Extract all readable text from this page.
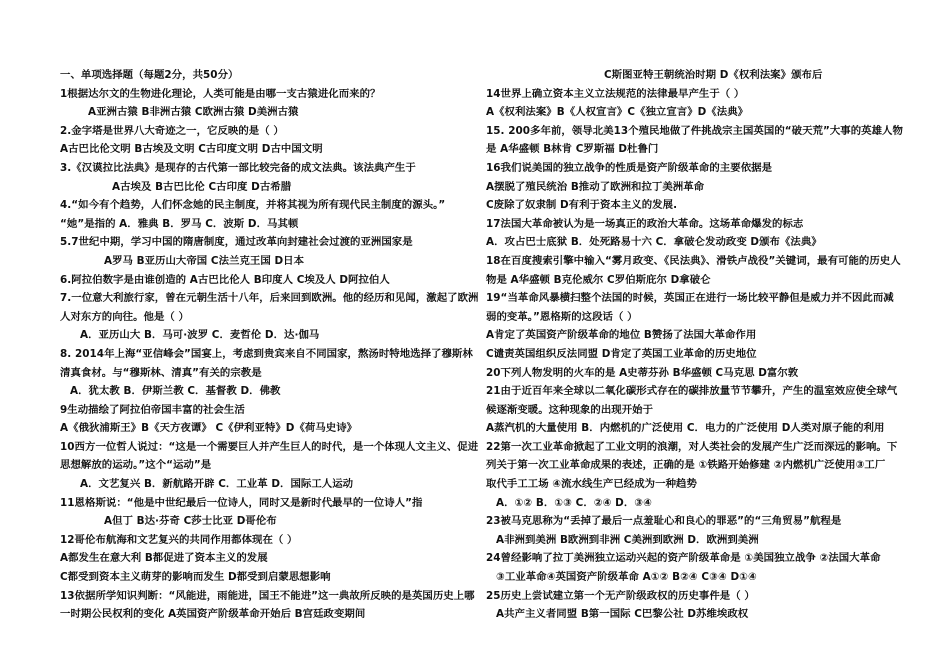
一、单项选择题（每题2分，共50分）
1根据达尔文的生物进化理论，人类可能是由哪一支古猿进化而来的？
A亚洲古猿 B非洲古猿 C欧洲古猿 D美洲古猿
2.金字塔是世界八大奇迹之一，它反映的是（ ）
A古巴比伦文明 B古埃及文明 C古印度文明 D古中国文明
3.《汉谟拉比法典》是现存的古代第一部比较完备的成文法典。该法典产生于
A古埃及 B古巴比伦 C古印度 D古希腊
4.“如今有个趋势，人们怀念她的民主制度，并将其视为所有现代民主制度的源头。”
“她”是指的 A．雅典 B．罗马 C．波斯 D．马其顿
5.7世纪中期，学习中国的隋唐制度，通过改革向封建社会过渡的亚洲国家是
A罗马 B亚历山大帝国 C法兰克王国 D日本
6.阿拉伯数字是由谁创造的 A古巴比伦人 B印度人 C埃及人 D阿拉伯人
7.一位意大利旅行家，曾在元朝生活十八年，后来回到欧洲。他的经历和见闻，激起了欧洲
人对东方的向往。他是（ ）
A．亚历山大 B．马可·波罗 C．麦哲伦 D．达·伽马
8. 2014年上海“亚信峰会”国宴上，考虑到贵宾来自不同国家，熬汤时特地选择了穆斯林
清真食材。与“穆斯林、清真”有关的宗教是
A．犹太教 B．伊斯兰教 C．基督教 D．佛教
9生动描绘了阿拉伯帝国丰富的社会生活
A《俄狄浦斯王》B《天方夜谭》 C《伊利亚特》D《荷马史诗》
10西方一位哲人说过：“这是一个需要巨人并产生巨人的时代，是一个体现人文主义、促进
思想解放的运动。”这个“运动”是
A．文艺复兴 B．新航路开辟 C．工业革 D．国际工人运动
11恩格斯说：“他是中世纪最后一位诗人，同时又是新时代最早的一位诗人”指
A但丁 B达·芬奇 C莎士比亚 D哥伦布
12哥伦布航海和文艺复兴的共同作用都体现在（ ）
A都发生在意大利 B都促进了资本主义的发展
C都受到资本主义萌芽的影响而发生 D都受到启蒙思想影响
13依据所学知识判断：“风能进，雨能进，国王不能进”这一典故所反映的是英国历史上哪
一时期公民权利的变化 A英国资产阶级革命开始后 B宫廷政变期间
C斯图亚特王朝统治时期 D《权利法案》颁布后
14世界上确立资本主义立法规范的法律最早产生于（ ）
A《权利法案》B《人权宣言》C《独立宣言》D《法典》
15. 200多年前，领导北美13个殖民地做了件挑战宗主国英国的“破天荒”大事的英雄人物
是 A华盛顿 B林肯 C罗斯福 D杜鲁门
16我们说美国的独立战争的性质是资产阶级革命的主要依据是
A摆脱了殖民统治 B推动了欧洲和拉丁美洲革命
C废除了奴隶制 D有利于资本主义的发展.
17法国大革命被认为是一场真正的政治大革命。这场革命爆发的标志
A．攻占巴士底狱 B．处死路易十六 C．拿破仑发动政变 D颁布《法典》
18在百度搜索引擎中输入“雾月政变、《民法典》、滑铁卢战役”关键词，最有可能的历史人
物是 A华盛顿 B克伦威尔 C罗伯斯庇尔 D拿破仑
19“当革命风暴横扫整个法国的时候，英国正在进行一场比较平静但是威力并不因此而减
弱的变革。”恩格斯的这段话（ ）
A肯定了英国资产阶级革命的地位 B赞扬了法国大革命作用
C谴责英国组织反法同盟 D肯定了英国工业革命的历史地位
20下列人物发明的火车的是 A史蒂芬孙 B华盛顿 C马克思 D富尔敦
21由于近百年来全球以二氧化碳形式存在的碳排放量节节攀升，产生的温室效应使全球气
候逐渐变暖。这种现象的出现开始于
A蒸汽机的大量使用 B．内燃机的广泛使用 C．电力的广泛使用 D人类对原子能的利用
22第一次工业革命掀起了工业文明的浪潮，对人类社会的发展产生广泛而深远的影响。下
列关于第一次工业革命成果的表述，正确的是 ①铁路开始修建 ②内燃机广泛使用③工厂
取代手工工场 ④流水线生产已经成为一种趋势
A．①② B．①③ C．②④ D．③④
23被马克思称为“丢掉了最后一点羞耻心和良心的罪恶”的“三角贸易”航程是
A非洲到美洲 B欧洲到非洲 C美洲到欧洲 D．欧洲到美洲
24曾经影响了拉丁美洲独立运动兴起的资产阶级革命是 ①美国独立战争 ②法国大革命
③工业革命④英国资产阶级革命 A①② B②④ C③④ D①④
25历史上尝试建立第一个无产阶级政权的历史事件是（ ）
A共产主义者同盟 B第一国际 C巴黎公社 D苏维埃政权
